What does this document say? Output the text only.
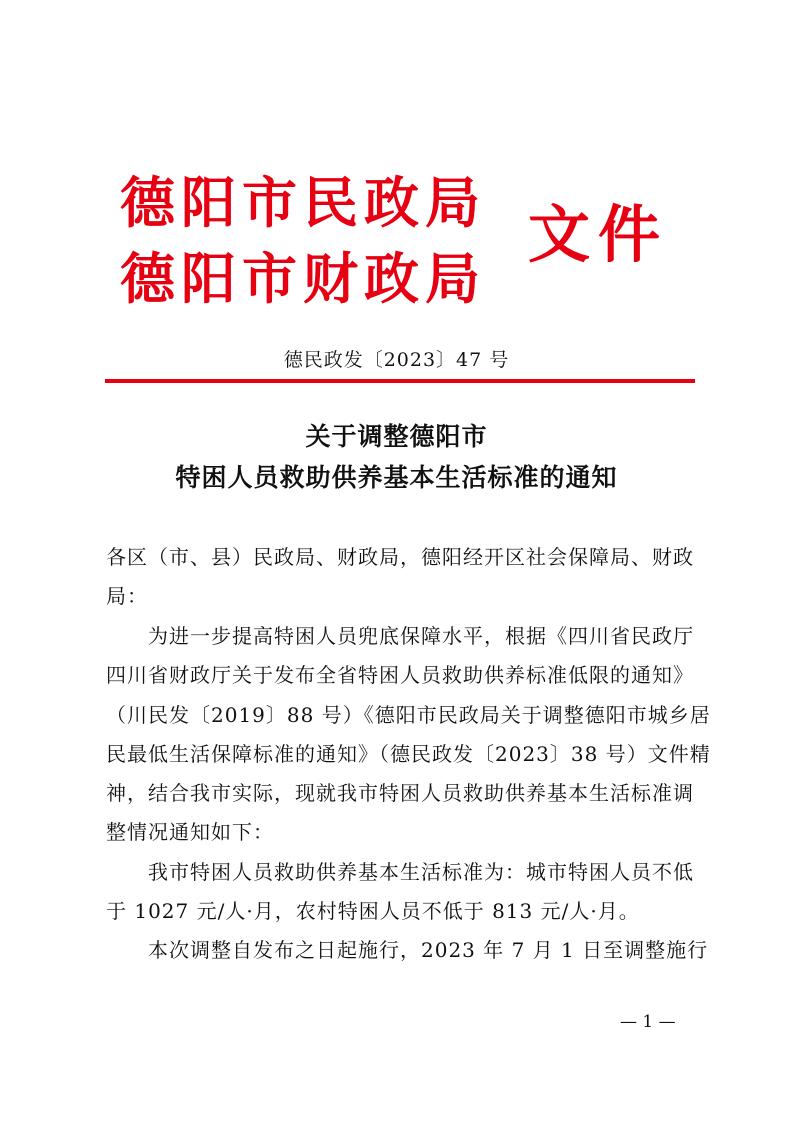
德阳市民政局
德阳市财政局
文件
德民政发〔2023〕47 号
关于调整德阳市
特困人员救助供养基本生活标准的通知
各区（市、县）民政局、财政局，德阳经开区社会保障局、财政
局：
为进一步提高特困人员兜底保障水平，根据《四川省民政厅
四川省财政厅关于发布全省特困人员救助供养标准低限的通知》
（川民发〔2019〕88 号）《德阳市民政局关于调整德阳市城乡居
民最低生活保障标准的通知》（德民政发〔2023〕38 号）文件精
神，结合我市实际，现就我市特困人员救助供养基本生活标准调
整情况通知如下：
我市特困人员救助供养基本生活标准为：城市特困人员不低
于 1027 元/人·月，农村特困人员不低于 813 元/人·月。
本次调整自发布之日起施行，2023 年 7 月 1 日至调整施行
— 1 —
